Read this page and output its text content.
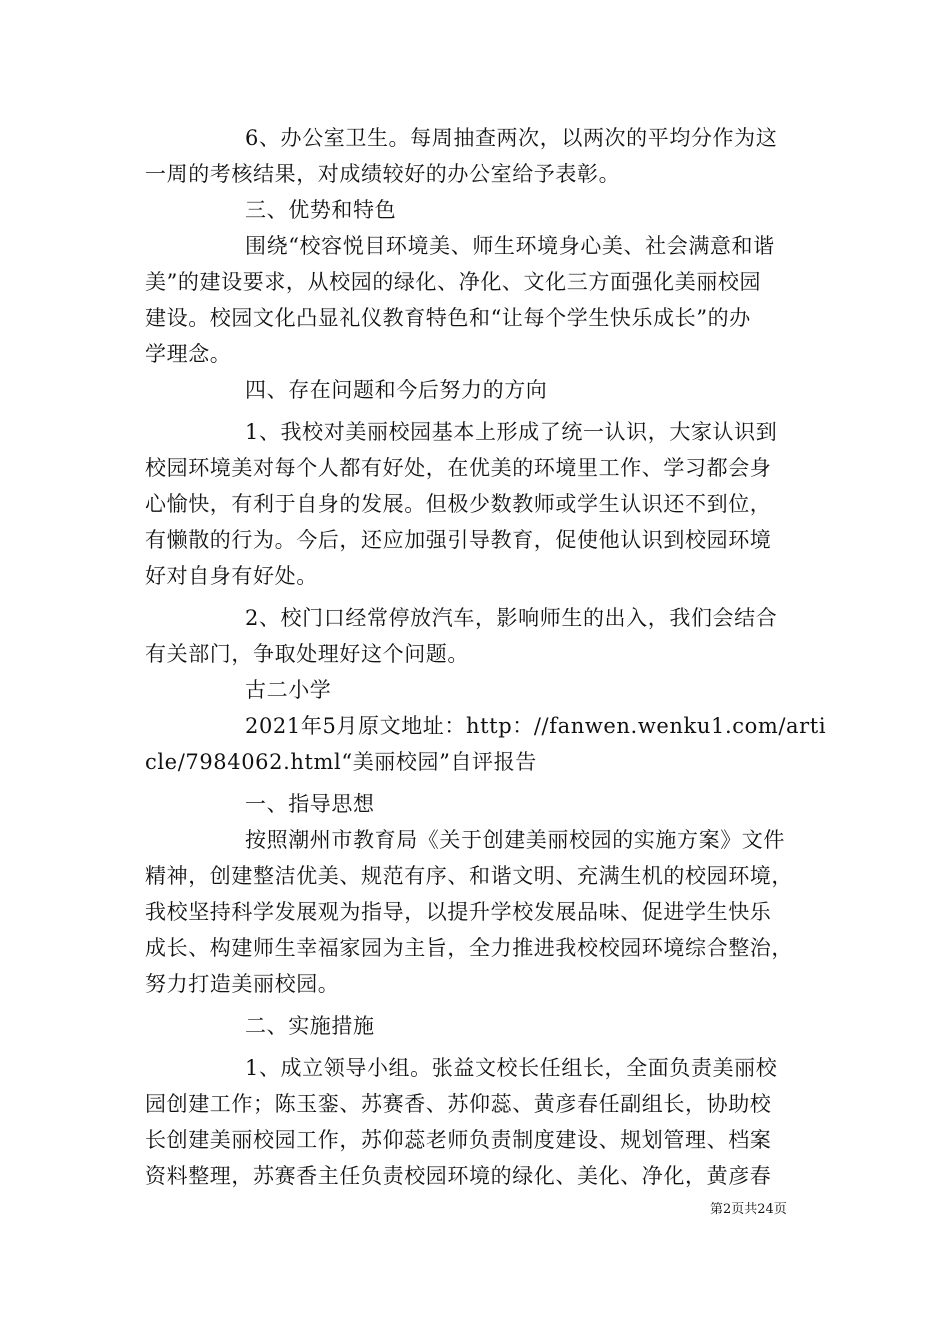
6、办公室卫生。每周抽查两次，以两次的平均分作为这
一周的考核结果，对成绩较好的办公室给予表彰。
三、优势和特色
围绕“校容悦目环境美、师生环境身心美、社会满意和谐
美”的建设要求，从校园的绿化、净化、文化三方面强化美丽校园
建设。校园文化凸显礼仪教育特色和“让每个学生快乐成长”的办
学理念。
四、存在问题和今后努力的方向
1、我校对美丽校园基本上形成了统一认识，大家认识到
校园环境美对每个人都有好处，在优美的环境里工作、学习都会身
心愉快，有利于自身的发展。但极少数教师或学生认识还不到位，
有懒散的行为。今后，还应加强引导教育，促使他认识到校园环境
好对自身有好处。
2、校门口经常停放汽车，影响师生的出入，我们会结合
有关部门，争取处理好这个问题。
古二小学
2021年5月原文地址：http：//fanwen.wenku1.com/arti
cle/7984062.html“美丽校园”自评报告
一、指导思想
按照潮州市教育局《关于创建美丽校园的实施方案》文件
精神，创建整洁优美、规范有序、和谐文明、充满生机的校园环境，
我校坚持科学发展观为指导，以提升学校发展品味、促进学生快乐
成长、构建师生幸福家园为主旨，全力推进我校校园环境综合整治，
努力打造美丽校园。
二、实施措施
1、成立领导小组。张益文校长任组长，全面负责美丽校
园创建工作；陈玉銮、苏赛香、苏仰蕊、黄彦春任副组长，协助校
长创建美丽校园工作，苏仰蕊老师负责制度建设、规划管理、档案
资料整理，苏赛香主任负责校园环境的绿化、美化、净化，黄彦春
第2页共24页
